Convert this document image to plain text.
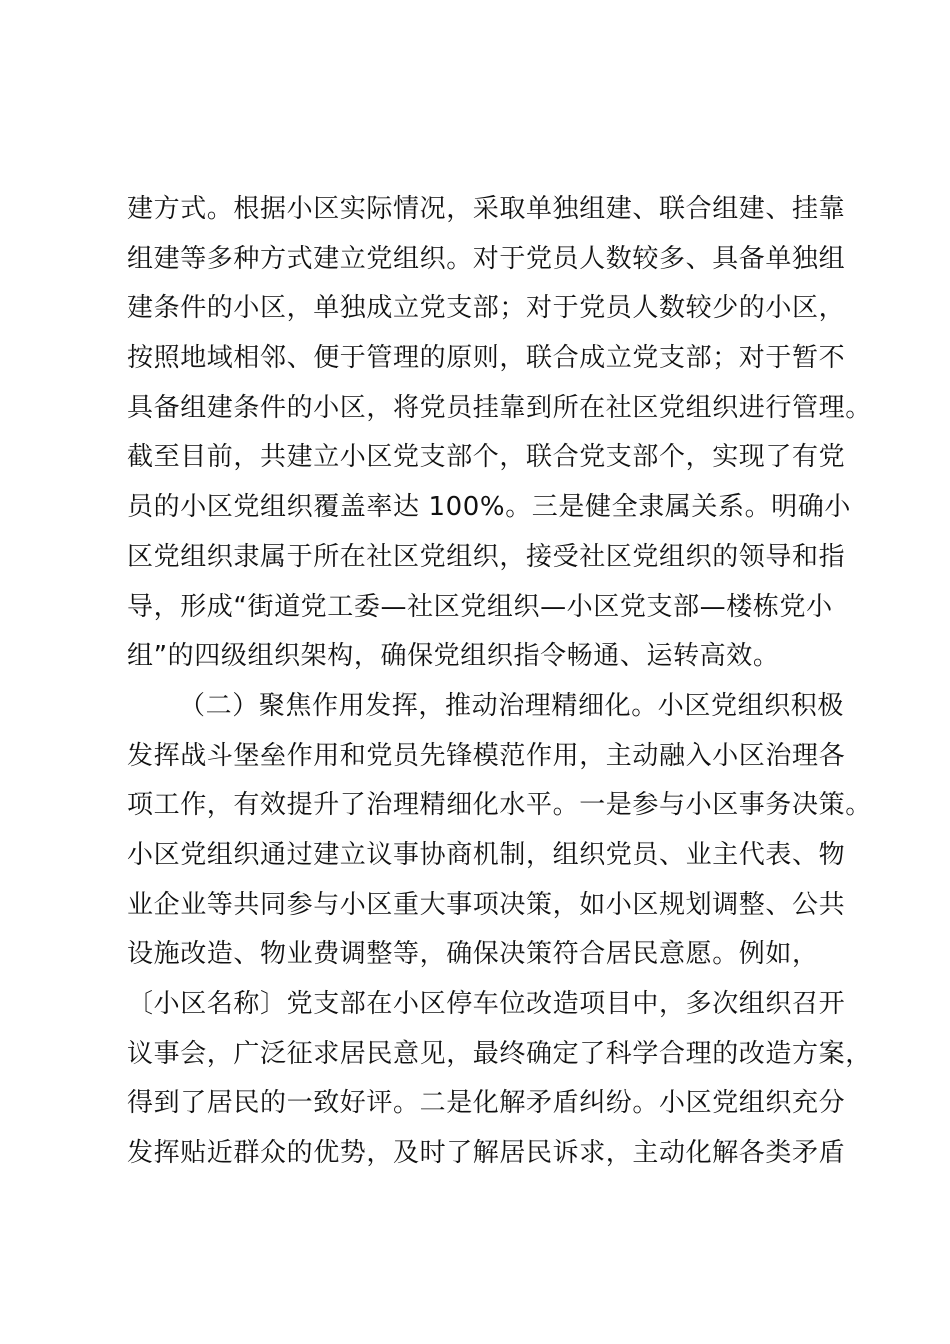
建方式。根据小区实际情况，采取单独组建、联合组建、挂靠
组建等多种方式建立党组织。对于党员人数较多、具备单独组
建条件的小区，单独成立党支部；对于党员人数较少的小区，
按照地域相邻、便于管理的原则，联合成立党支部；对于暂不
具备组建条件的小区，将党员挂靠到所在社区党组织进行管理。
截至目前，共建立小区党支部个，联合党支部个，实现了有党
员的小区党组织覆盖率达 100%。三是健全隶属关系。明确小
区党组织隶属于所在社区党组织，接受社区党组织的领导和指
导，形成“街道党工委—社区党组织—小区党支部—楼栋党小
组”的四级组织架构，确保党组织指令畅通、运转高效。
（二）聚焦作用发挥，推动治理精细化。小区党组织积极
发挥战斗堡垒作用和党员先锋模范作用，主动融入小区治理各
项工作，有效提升了治理精细化水平。一是参与小区事务决策。
小区党组织通过建立议事协商机制，组织党员、业主代表、物
业企业等共同参与小区重大事项决策，如小区规划调整、公共
设施改造、物业费调整等，确保决策符合居民意愿。例如，
〔小区名称〕党支部在小区停车位改造项目中，多次组织召开
议事会，广泛征求居民意见，最终确定了科学合理的改造方案，
得到了居民的一致好评。二是化解矛盾纠纷。小区党组织充分
发挥贴近群众的优势，及时了解居民诉求，主动化解各类矛盾
